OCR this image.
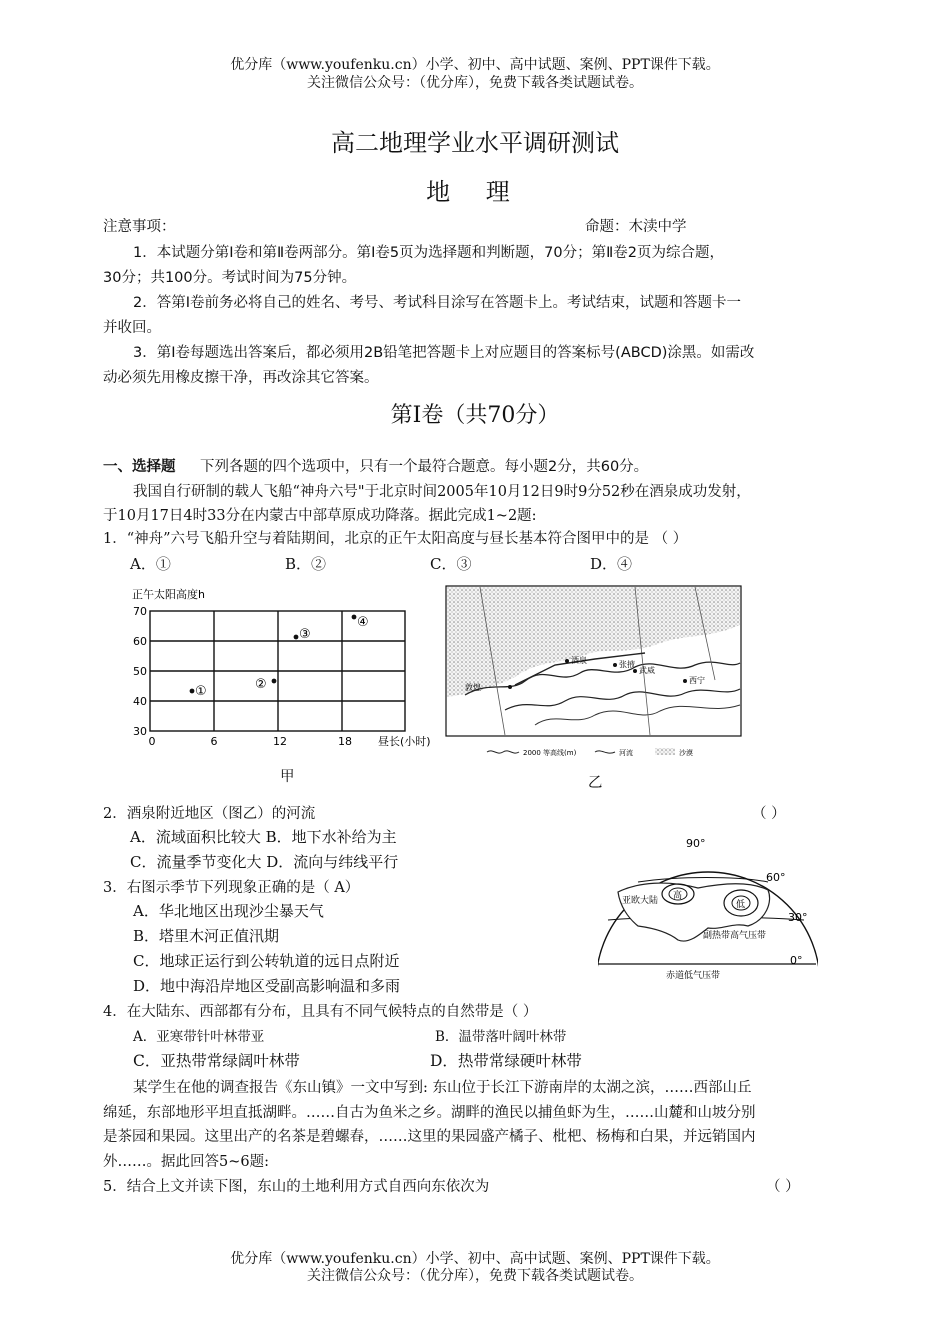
优分库（www.youfenku.cn）小学、初中、高中试题、案例、PPT课件下载。
关注微信公众号：（优分库），免费下载各类试题试卷。
高二地理学业水平调研测试
地 理
注意事项：	命题：木渎中学
1．本试题分第Ⅰ卷和第Ⅱ卷两部分。第Ⅰ卷5页为选择题和判断题，70分；第Ⅱ卷2页为综合题，
30分；共100分。考试时间为75分钟。
2．答第Ⅰ卷前务必将自己的姓名、考号、考试科目涂写在答题卡上。考试结束，试题和答题卡一
并收回。
3．第Ⅰ卷每题选出答案后，都必须用2B铅笔把答题卡上对应题目的答案标号(ABCD)涂黑。如需改
动必须先用橡皮擦干净，再改涂其它答案。
第Ⅰ卷（共70分）
一、选择题 下列各题的四个选项中，只有一个最符合题意。每小题2分，共60分。
我国自行研制的载人飞船“神舟六号"于北京时间2005年10月12日9时9分52秒在酒泉成功发射，
于10月17日4时33分在内蒙古中部草原成功降落。据此完成1~2题:
1．“神舟”六号飞船升空与着陆期间，北京的正午太阳高度与昼长基本符合图甲中的是 （ ）
A．①	B．②	C．③	D．④
正午太阳高度h
70
60
50
40
30
0	6	12	18 昼长(小时)
①	②
③
④
甲
敦煌
酒泉	张掖
武威
西宁
2000 等高线(m)	河流	沙漠
乙
2．酒泉附近地区（图乙）的河流	（ ）
A．流域面积比较大 B．地下水补给为主
C．流量季节变化大 D．流向与纬线平行
3．右图示季节下列现象正确的是（ A）
A．华北地区出现沙尘暴天气
B．塔里木河正值汛期
C．地球正运行到公转轨道的远日点附近
D．地中海沿岸地区受副高影响温和多雨
高
低
亚欧大陆
副热带高气压带
赤道低气压带
90°
60°
30°
0°
4．在大陆东、西部都有分布，且具有不同气候特点的自然带是（ ）
A．亚寒带针叶林带亚	B．温带落叶阔叶林带
C．亚热带常绿阔叶林带	D．热带常绿硬叶林带
某学生在他的调查报告《东山镇》一文中写到: 东山位于长江下游南岸的太湖之滨，……西部山丘
绵延，东部地形平坦直抵湖畔。……自古为鱼米之乡。湖畔的渔民以捕鱼虾为生，……山麓和山坡分别
是茶园和果园。这里出产的名茶是碧螺春，……这里的果园盛产橘子、枇杷、杨梅和白果，并远销国内
外……。据此回答5~6题:
5．结合上文并读下图，东山的土地利用方式自西向东依次为	（ ）
优分库（www.youfenku.cn）小学、初中、高中试题、案例、PPT课件下载。
关注微信公众号：（优分库），免费下载各类试题试卷。
